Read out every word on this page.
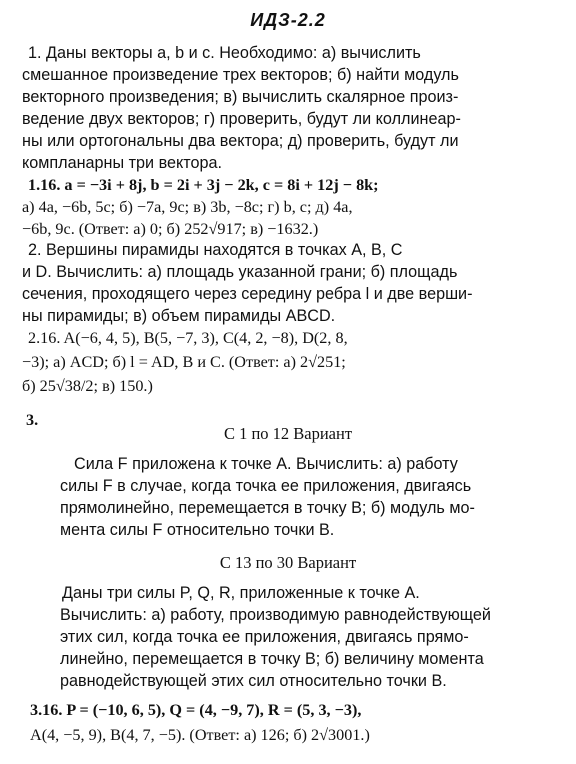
ИДЗ-2.2
1. Даны векторы a, b и c. Необходимо: а) вычислить
смешанное произведение трех векторов; б) найти модуль
векторного произведения; в) вычислить скалярное произ-
ведение двух векторов; г) проверить, будут ли коллинеар-
ны или ортогональны два вектора; д) проверить, будут ли
компланарны три вектора.
1.16. a = −3i + 8j, b = 2i + 3j − 2k, c = 8i + 12j − 8k;
а) 4a, −6b, 5c; б) −7a, 9c; в) 3b, −8c; г) b, c; д) 4a,
−6b, 9c. (Ответ: а) 0; б) 252√917; в) −1632.)
2. Вершины пирамиды находятся в точках A, B, C
и D. Вычислить: а) площадь указанной грани; б) площадь
сечения, проходящего через середину ребра l и две верши-
ны пирамиды; в) объем пирамиды ABCD.
2.16. A(−6, 4, 5), B(5, −7, 3), C(4, 2, −8), D(2, 8,
−3); а) ACD; б) l = AD, B и C. (Ответ: а) 2√251;
б) 25√38/2; в) 150.)
3.
С 1 по 12 Вариант
Сила F приложена к точке A. Вычислить: а) работу
силы F в случае, когда точка ее приложения, двигаясь
прямолинейно, перемещается в точку B; б) модуль мо-
мента силы F относительно точки B.
С 13 по 30 Вариант
Даны три силы P, Q, R, приложенные к точке A.
Вычислить: а) работу, производимую равнодействующей
этих сил, когда точка ее приложения, двигаясь прямо-
линейно, перемещается в точку B; б) величину момента
равнодействующей этих сил относительно точки B.
3.16. P = (−10, 6, 5), Q = (4, −9, 7), R = (5, 3, −3),
A(4, −5, 9), B(4, 7, −5). (Ответ: а) 126; б) 2√3001.)
